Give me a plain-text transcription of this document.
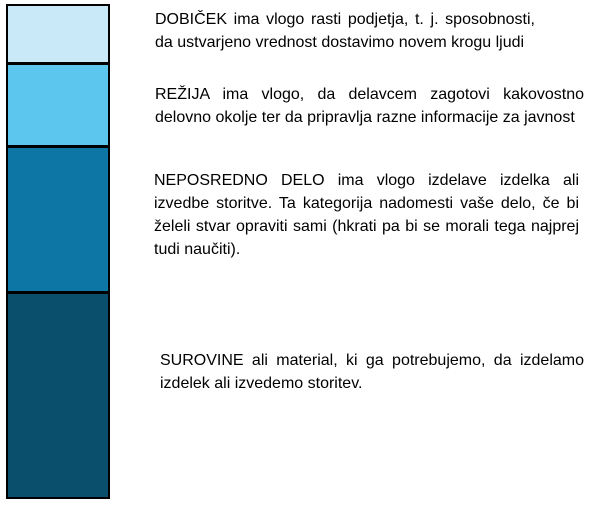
DOBIČEK ima vlogo rasti podjetja, t. j. sposobnosti, da ustvarjeno vrednost dostavimo novem krogu ljudi

REŽIJA ima vlogo, da delavcem zagotovi kakovostno delovno okolje ter da pripravlja razne informacije za javnost

NEPOSREDNO DELO ima vlogo izdelave izdelka ali izvedbe storitve. Ta kategorija nadomesti vaše delo, če bi želeli stvar opraviti sami (hkrati pa bi se morali tega najprej tudi naučiti).

SUROVINE ali material, ki ga potrebujemo, da izdelamo izdelek ali izvedemo storitev.
